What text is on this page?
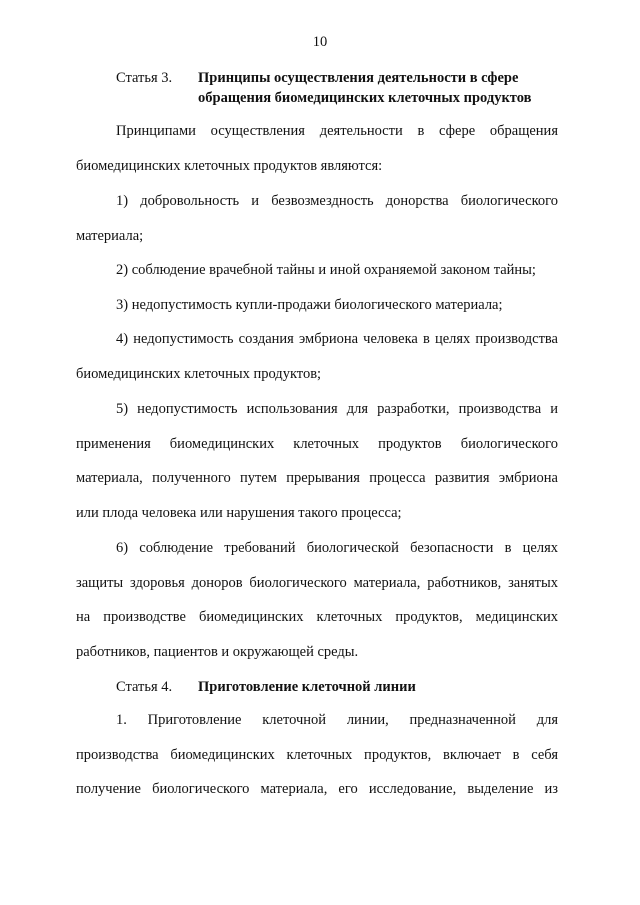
10
Статья 3. Принципы осуществления деятельности в сфере
обращения биомедицинских клеточных продуктов
Принципами осуществления деятельности в сфере обращения
биомедицинских клеточных продуктов являются:
1) добровольность и безвозмездность донорства биологического
материала;
2) соблюдение врачебной тайны и иной охраняемой законом тайны;
3) недопустимость купли-продажи биологического материала;
4) недопустимость создания эмбриона человека в целях производства
биомедицинских клеточных продуктов;
5) недопустимость использования для разработки, производства и
применения биомедицинских клеточных продуктов биологического
материала, полученного путем прерывания процесса развития эмбриона
или плода человека или нарушения такого процесса;
6) соблюдение требований биологической безопасности в целях
защиты здоровья доноров биологического материала, работников, занятых
на производстве биомедицинских клеточных продуктов, медицинских
работников, пациентов и окружающей среды.
Статья 4. Приготовление клеточной линии
1. Приготовление клеточной линии, предназначенной для
производства биомедицинских клеточных продуктов, включает в себя
получение биологического материала, его исследование, выделение из
